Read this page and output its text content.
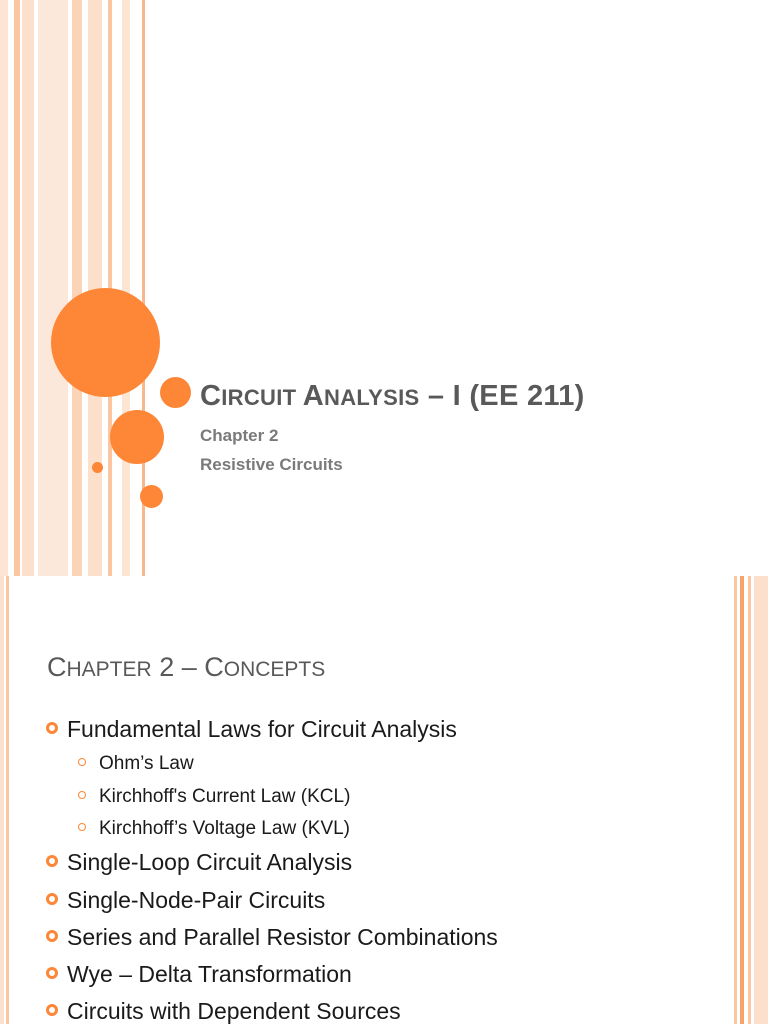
CIRCUIT ANALYSIS – I (EE 211)
Chapter 2
Resistive Circuits
CHAPTER 2 – CONCEPTS
Fundamental Laws for Circuit Analysis
Ohm’s Law
Kirchhoff's Current Law (KCL)
Kirchhoff’s Voltage Law (KVL)
Single-Loop Circuit Analysis
Single-Node-Pair Circuits
Series and Parallel Resistor Combinations
Wye – Delta Transformation
Circuits with Dependent Sources
